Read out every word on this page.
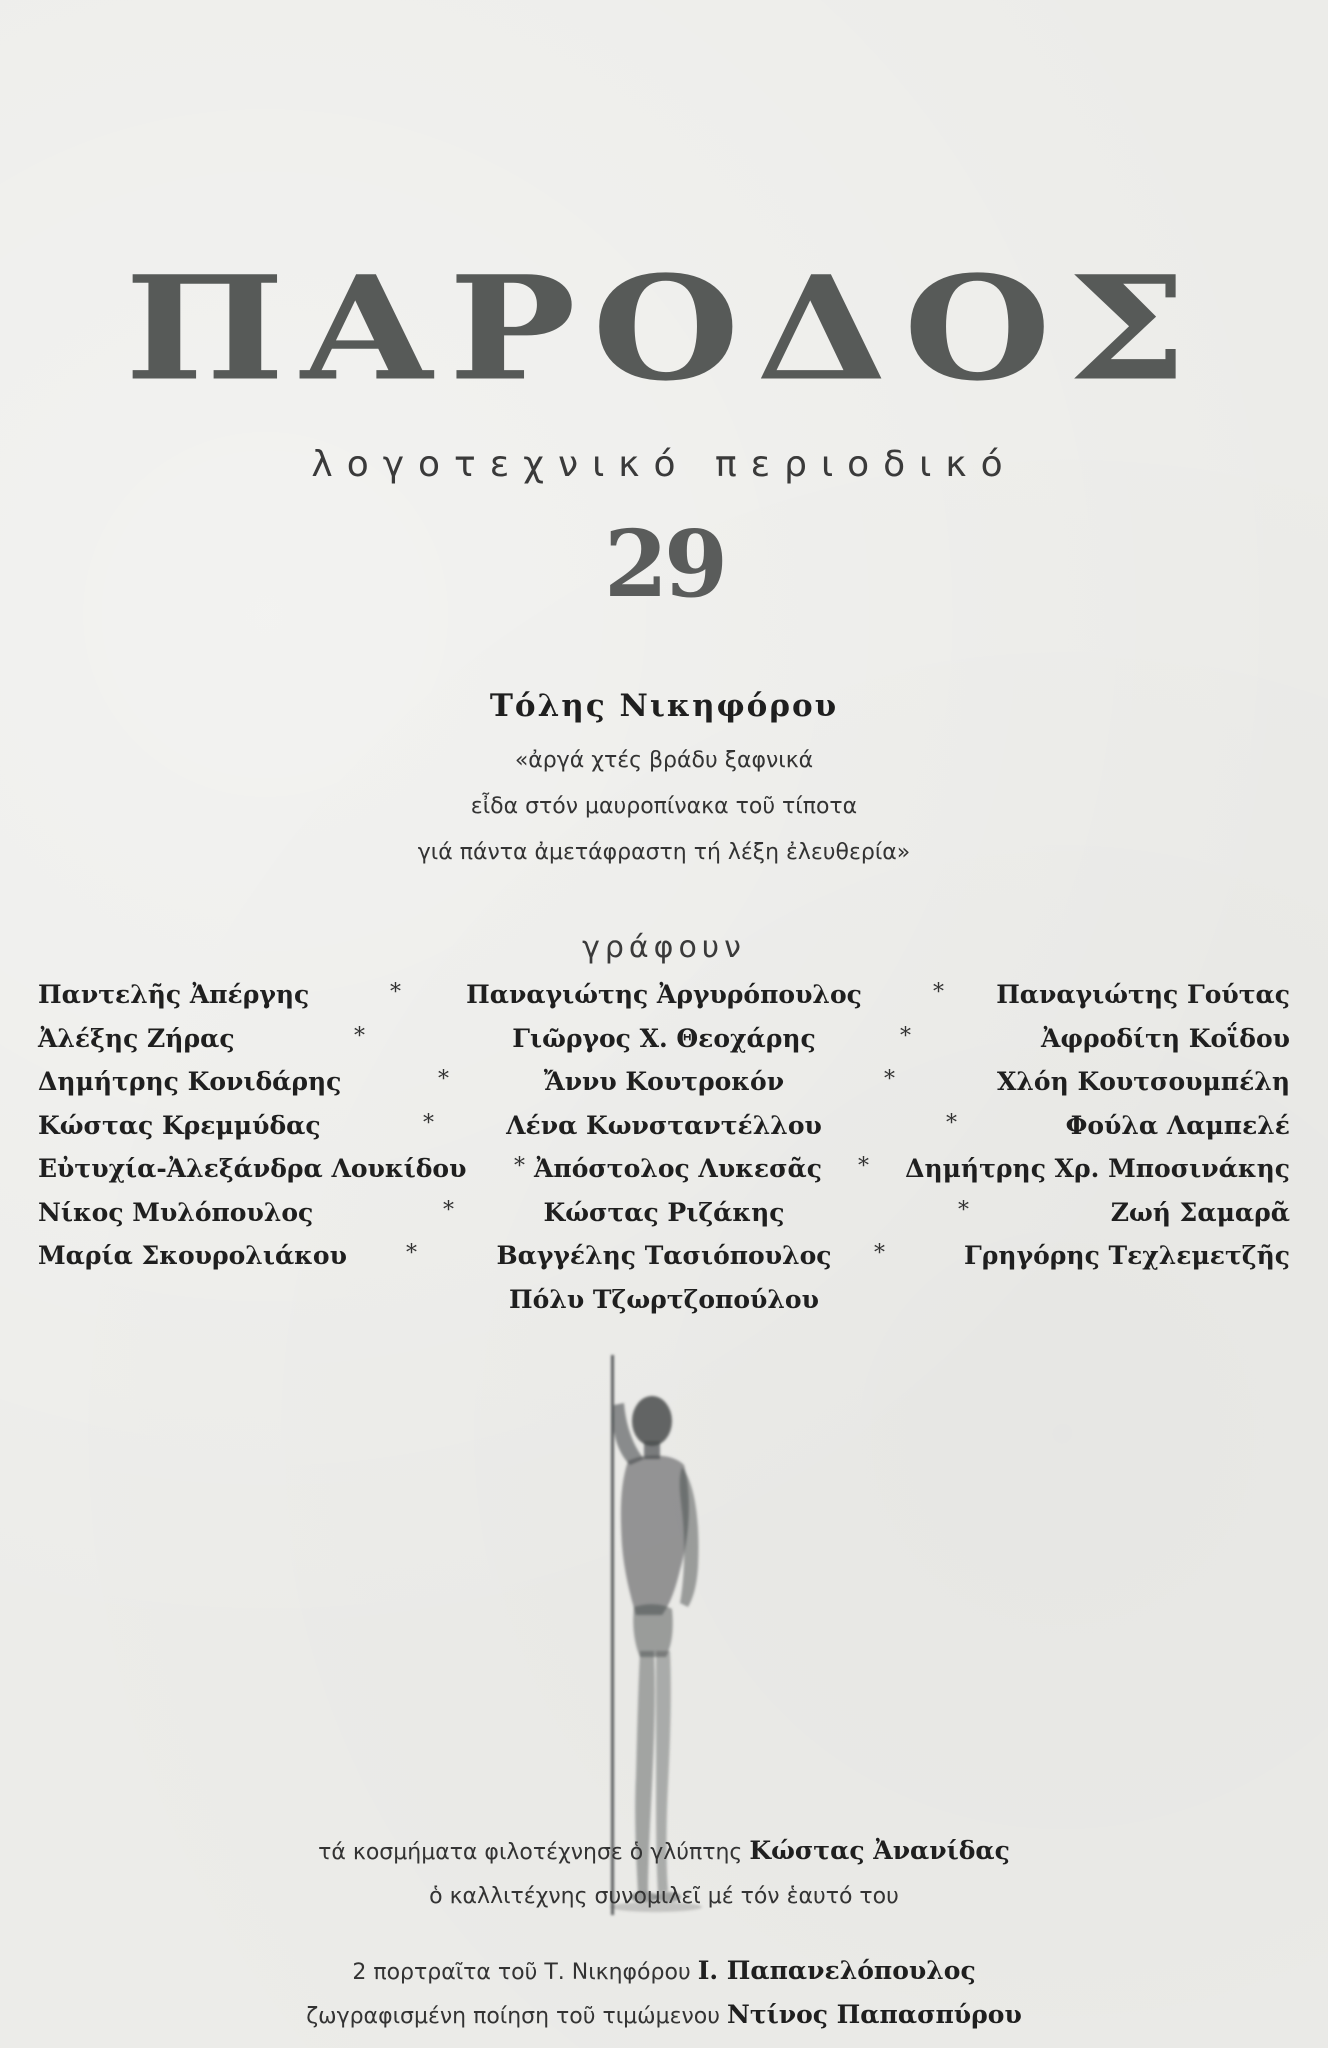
ΠΑΡΟΔΟΣ
λογοτεχνικό περιοδικό
29
Τόλης Νικηφόρου
«ἀργά χτές βράδυ ξαφνικά
εἶδα στόν μαυροπίνακα τοῦ τίποτα
γιά πάντα ἀμετάφραστη τή λέξη ἐλευθερία»
γράφουν
Παντελῆς Ἀπέργης	*	Παναγιώτης Ἀργυρόπουλος	* Παναγιώτης Γούτας
Ἀλέξης Ζήρας	*	Γιῶργος Χ. Θεοχάρης	*	Ἀφροδίτη Κοΐδου
Δημήτρης Κονιδάρης	*	Ἄννυ Κουτροκόν	*	Χλόη Κουτσουμπέλη
Κώστας Κρεμμύδας	*	Λένα Κωνσταντέλλου	*	Φούλα Λαμπελέ
Εὐτυχία-Ἀλεξάνδρα Λουκίδου * Ἀπόστολος Λυκεσᾶς * Δημήτρης Χρ. Μποσινάκης
Νίκος Μυλόπουλος	*	Κώστας Ριζάκης	*	Ζωή Σαμαρᾶ
Μαρία Σκουρολιάκου	*	Βαγγέλης Τασιόπουλος	*	Γρηγόρης Τεχλεμετζῆς
Πόλυ Τζωρτζοπούλου
τά κοσμήματα φιλοτέχνησε ὁ γλύπτης Κώστας Ἀνανίδας
ὁ καλλιτέχνης συνομιλεῖ μέ τόν ἑαυτό του
2 πορτραῖτα τοῦ Τ. Νικηφόρου Ι. Παπανελόπουλος
ζωγραφισμένη ποίηση τοῦ τιμώμενου Ντίνος Παπασπύρου
